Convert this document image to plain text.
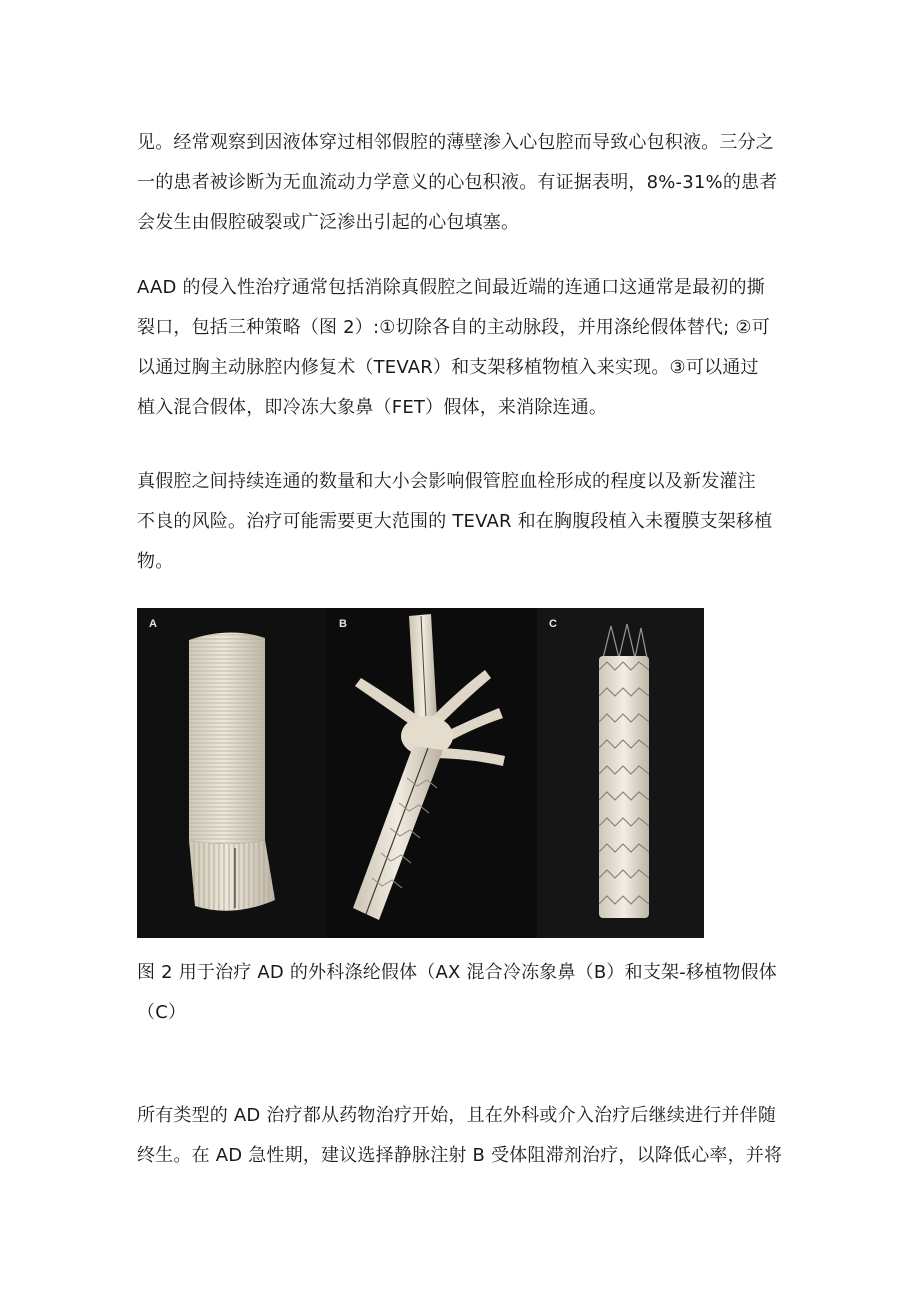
见。经常观察到因液体穿过相邻假腔的薄壁渗入心包腔而导致心包积液。三分之
一的患者被诊断为无血流动力学意义的心包积液。有证据表明，8%-31%的患者
会发生由假腔破裂或广泛渗出引起的心包填塞。

AAD 的侵入性治疗通常包括消除真假腔之间最近端的连通口这通常是最初的撕
裂口，包括三种策略（图 2）:①切除各自的主动脉段，并用涤纶假体替代; ②可
以通过胸主动脉腔内修复术（TEVAR）和支架移植物植入来实现。③可以通过
植入混合假体，即冷冻大象鼻（FET）假体，来消除连通。

真假腔之间持续连通的数量和大小会影响假管腔血栓形成的程度以及新发灌注
不良的风险。治疗可能需要更大范围的 TEVAR 和在胸腹段植入未覆膜支架移植
物。

A	B	C

图 2 用于治疗 AD 的外科涤纶假体（AX 混合冷冻象鼻（B）和支架-移植物假体
（C）

所有类型的 AD 治疗都从药物治疗开始，且在外科或介入治疗后继续进行并伴随
终生。在 AD 急性期，建议选择静脉注射 B 受体阻滞剂治疗，以降低心率，并将
